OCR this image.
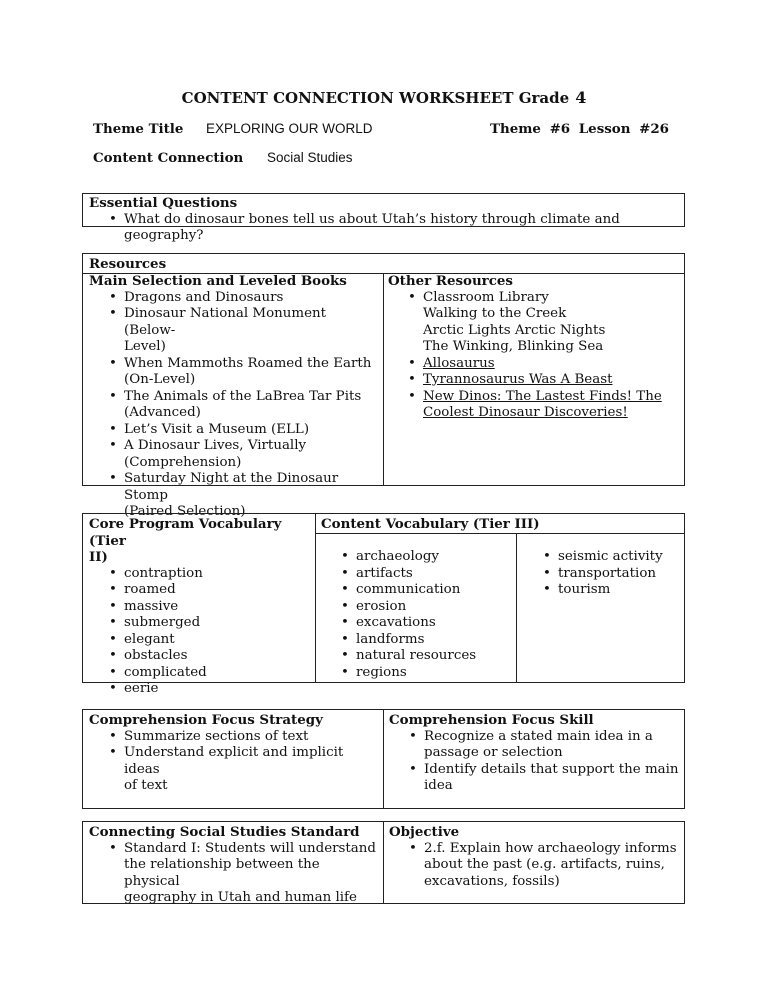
CONTENT CONNECTION WORKSHEET Grade 4
Theme Title EXPLORING OUR WORLD	Theme #6 Lesson #26
Content Connection Social Studies
Essential Questions
• What do dinosaur bones tell us about Utah’s history through climate and geography?
Resources
Main Selection and Leveled Books
• Dragons and Dinosaurs
• Dinosaur National Monument (Below-
Level)
• When Mammoths Roamed the Earth
(On-Level)
• The Animals of the LaBrea Tar Pits
(Advanced)
• Let’s Visit a Museum (ELL)
• A Dinosaur Lives, Virtually
(Comprehension)
• Saturday Night at the Dinosaur Stomp
(Paired Selection)
Other Resources
• Classroom Library
Walking to the Creek
Arctic Lights Arctic Nights
The Winking, Blinking Sea
• Allosaurus
• Tyrannosaurus Was A Beast
• New Dinos: The Lastest Finds! The
Coolest Dinosaur Discoveries!
Core Program Vocabulary (Tier
II)
• contraption
• roamed
• massive
• submerged
• elegant
• obstacles
• complicated
• eerie
Content Vocabulary (Tier III)
• archaeology
• artifacts
• communication
• erosion
• excavations
• landforms
• natural resources
• regions
• seismic activity
• transportation
• tourism
Comprehension Focus Strategy
• Summarize sections of text
• Understand explicit and implicit ideas
of text
Comprehension Focus Skill
• Recognize a stated main idea in a
passage or selection
• Identify details that support the main
idea
Connecting Social Studies Standard
• Standard I: Students will understand
the relationship between the physical
geography in Utah and human life
Objective
• 2.f. Explain how archaeology informs
about the past (e.g. artifacts, ruins,
excavations, fossils)
